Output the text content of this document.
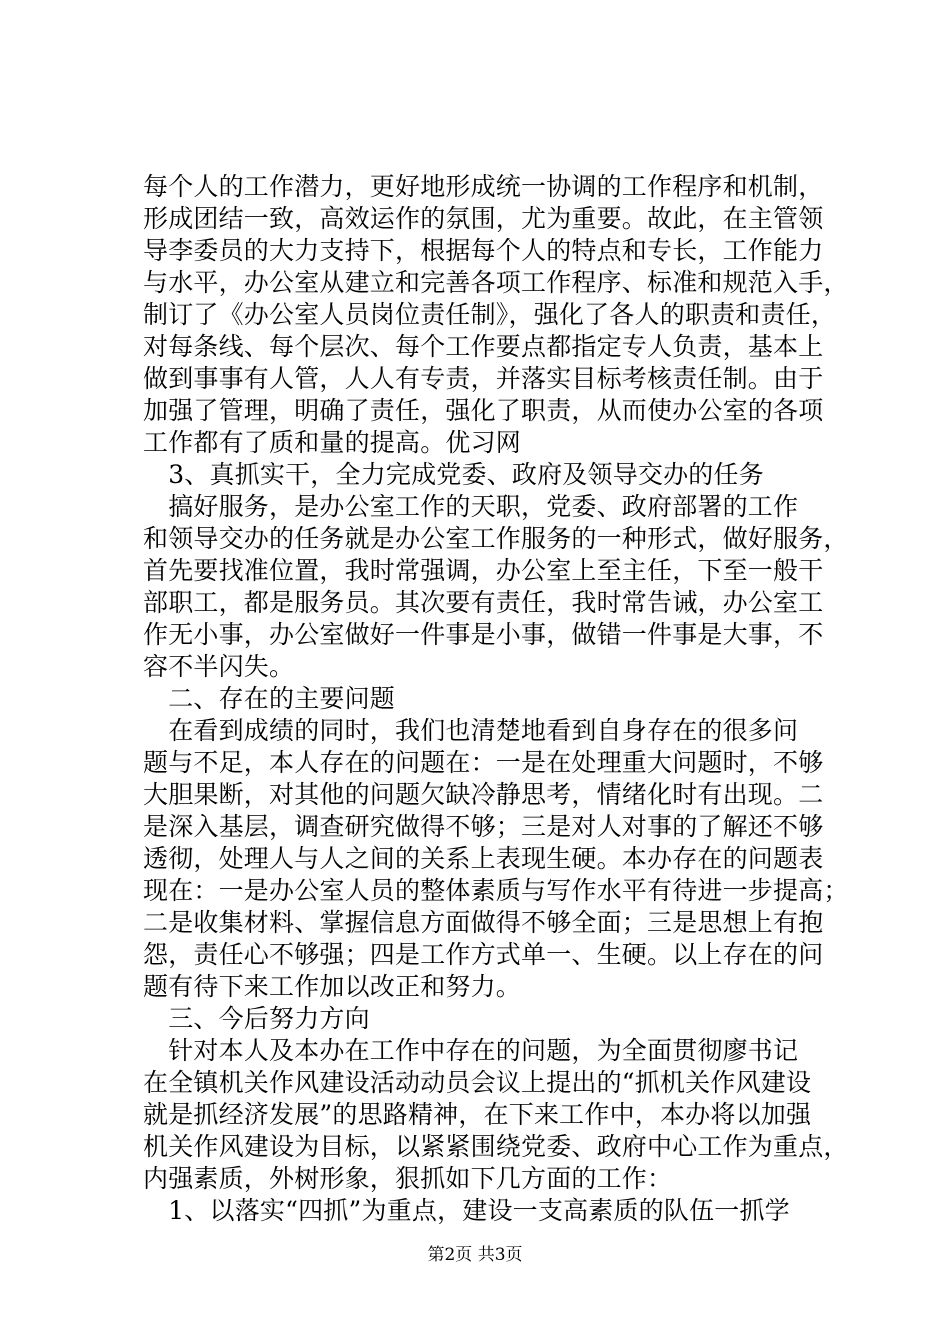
每个人的工作潜力，更好地形成统一协调的工作程序和机制，
形成团结一致，高效运作的氛围，尤为重要。故此，在主管领
导李委员的大力支持下，根据每个人的特点和专长，工作能力
与水平，办公室从建立和完善各项工作程序、标准和规范入手，
制订了《办公室人员岗位责任制》，强化了各人的职责和责任，
对每条线、每个层次、每个工作要点都指定专人负责，基本上
做到事事有人管，人人有专责，并落实目标考核责任制。由于
加强了管理，明确了责任，强化了职责，从而使办公室的各项
工作都有了质和量的提高。优习网
　3、真抓实干，全力完成党委、政府及领导交办的任务
　搞好服务，是办公室工作的天职，党委、政府部署的工作
和领导交办的任务就是办公室工作服务的一种形式，做好服务，
首先要找准位置，我时常强调，办公室上至主任，下至一般干
部职工，都是服务员。其次要有责任，我时常告诫，办公室工
作无小事，办公室做好一件事是小事，做错一件事是大事，不
容不半闪失。
　二、存在的主要问题
　在看到成绩的同时，我们也清楚地看到自身存在的很多问
题与不足，本人存在的问题在：一是在处理重大问题时，不够
大胆果断，对其他的问题欠缺冷静思考，情绪化时有出现。二
是深入基层，调查研究做得不够；三是对人对事的了解还不够
透彻，处理人与人之间的关系上表现生硬。本办存在的问题表
现在：一是办公室人员的整体素质与写作水平有待进一步提高；
二是收集材料、掌握信息方面做得不够全面；三是思想上有抱
怨，责任心不够强；四是工作方式单一、生硬。以上存在的问
题有待下来工作加以改正和努力。
　三、今后努力方向
　针对本人及本办在工作中存在的问题，为全面贯彻廖书记
在全镇机关作风建设活动动员会议上提出的“抓机关作风建设
就是抓经济发展”的思路精神，在下来工作中，本办将以加强
机关作风建设为目标，以紧紧围绕党委、政府中心工作为重点，
内强素质，外树形象，狠抓如下几方面的工作：
　1、以落实“四抓”为重点，建设一支高素质的队伍一抓学
第2页 共3页
